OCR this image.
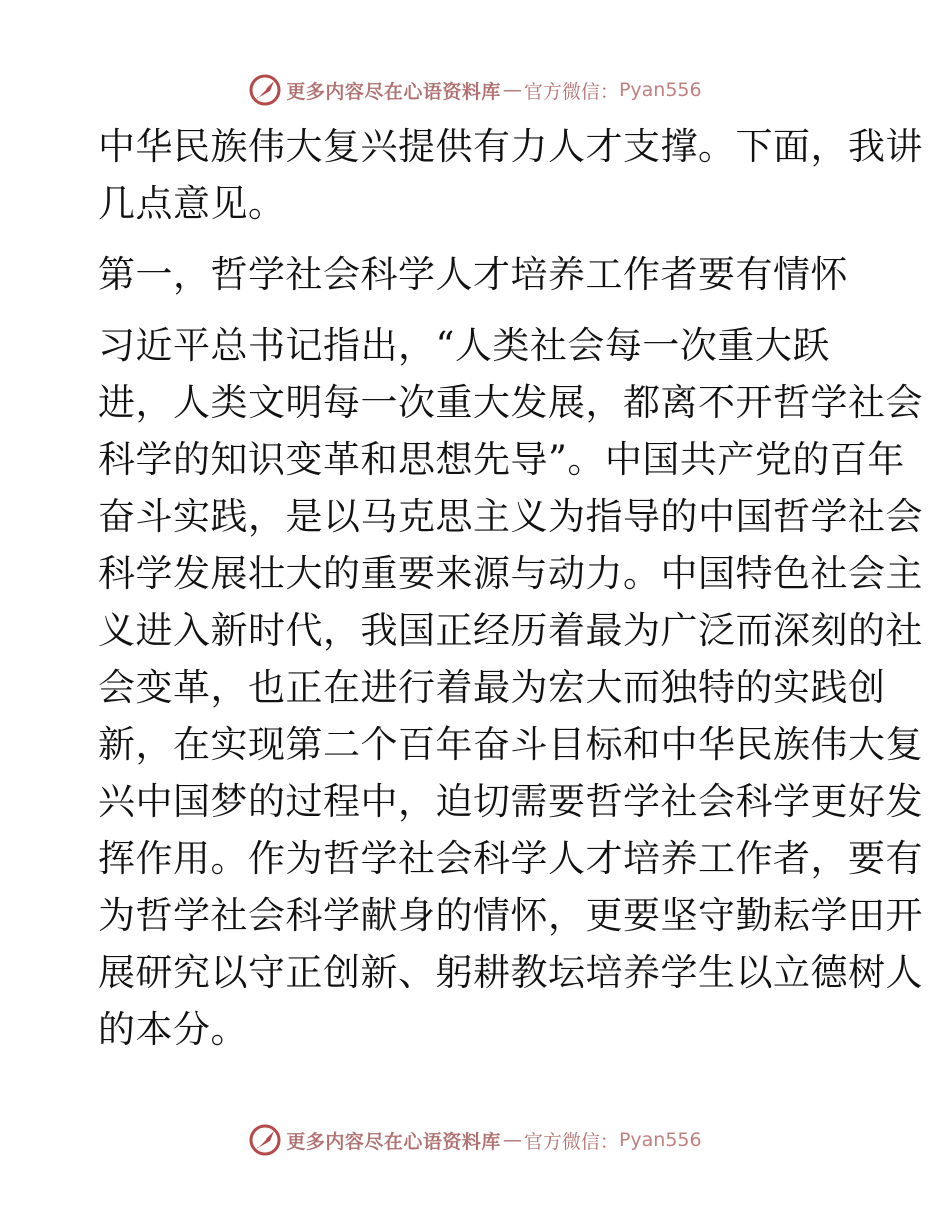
更多内容尽在心语资料库 — 官方微信： Pyan556
中华民族伟大复兴提供有力人才支撑。下面，我讲
几点意见。
第一，哲学社会科学人才培养工作者要有情怀
习近平总书记指出，“人类社会每一次重大跃
进，人类文明每一次重大发展，都离不开哲学社会
科学的知识变革和思想先导”。中国共产党的百年
奋斗实践，是以马克思主义为指导的中国哲学社会
科学发展壮大的重要来源与动力。中国特色社会主
义进入新时代，我国正经历着最为广泛而深刻的社
会变革，也正在进行着最为宏大而独特的实践创
新，在实现第二个百年奋斗目标和中华民族伟大复
兴中国梦的过程中，迫切需要哲学社会科学更好发
挥作用。作为哲学社会科学人才培养工作者，要有
为哲学社会科学献身的情怀，更要坚守勤耘学田开
展研究以守正创新、躬耕教坛培养学生以立德树人
的本分。
更多内容尽在心语资料库 — 官方微信： Pyan556
